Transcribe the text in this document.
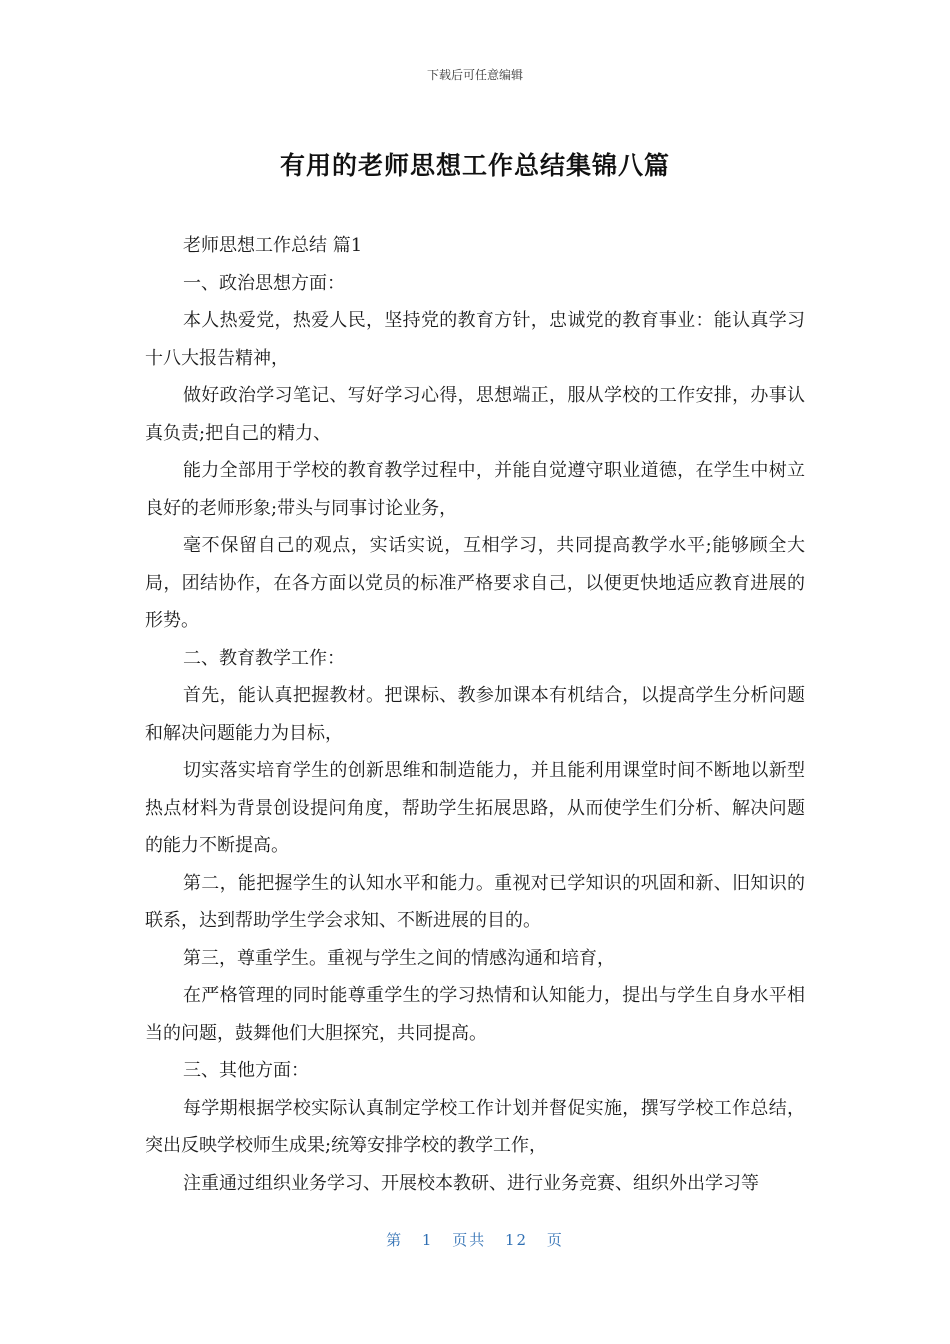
下载后可任意编辑
有用的老师思想工作总结集锦八篇

老师思想工作总结 篇1

一、政治思想方面：

本人热爱党，热爱人民，坚持党的教育方针，忠诚党的教育事业：能认真学习十八大报告精神，

做好政治学习笔记、写好学习心得，思想端正，服从学校的工作安排，办事认真负责;把自己的精力、

能力全部用于学校的教育教学过程中，并能自觉遵守职业道德，在学生中树立良好的老师形象;带头与同事讨论业务，

毫不保留自己的观点，实话实说，互相学习，共同提高教学水平;能够顾全大局，团结协作，在各方面以党员的标准严格要求自己，以便更快地适应教育进展的形势。

二、教育教学工作：

首先，能认真把握教材。把课标、教参加课本有机结合，以提高学生分析问题和解决问题能力为目标，

切实落实培育学生的创新思维和制造能力，并且能利用课堂时间不断地以新型热点材料为背景创设提问角度，帮助学生拓展思路，从而使学生们分析、解决问题的能力不断提高。

第二，能把握学生的认知水平和能力。重视对已学知识的巩固和新、旧知识的联系，达到帮助学生学会求知、不断进展的目的。

第三，尊重学生。重视与学生之间的情感沟通和培育，

在严格管理的同时能尊重学生的学习热情和认知能力，提出与学生自身水平相当的问题，鼓舞他们大胆探究，共同提高。

三、其他方面：

每学期根据学校实际认真制定学校工作计划并督促实施，撰写学校工作总结，突出反映学校师生成果;统筹安排学校的教学工作，

注重通过组织业务学习、开展校本教研、进行业务竞赛、组织外出学习等

第 1 页共 12 页
